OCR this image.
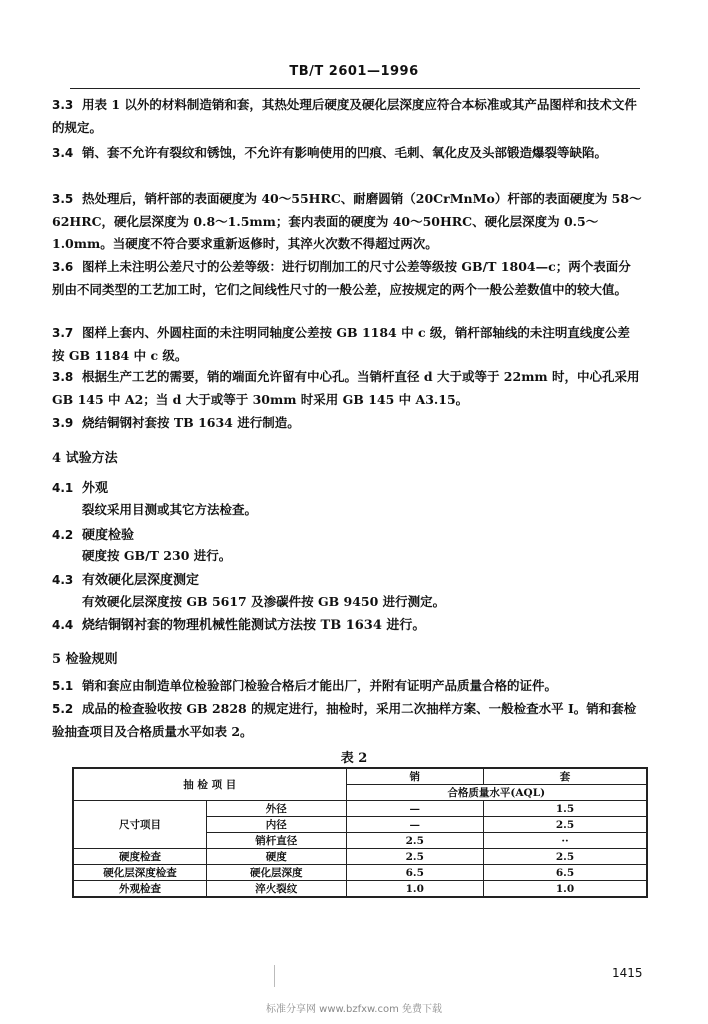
TB/T 2601—1996

3.3 用表 1 以外的材料制造销和套，其热处理后硬度及硬化层深度应符合本标准或其产品图样和技术文件的规定。

3.4 销、套不允许有裂纹和锈蚀，不允许有影响使用的凹痕、毛刺、氧化皮及头部锻造爆裂等缺陷。

3.5 热处理后，销杆部的表面硬度为 40～55HRC、耐磨圆销（20CrMnMo）杆部的表面硬度为 58～62HRC，硬化层深度为 0.8～1.5mm；套内表面的硬度为 40～50HRC、硬化层深度为 0.5～1.0mm。当硬度不符合要求重新返修时，其淬火次数不得超过两次。

3.6 图样上未注明公差尺寸的公差等级：进行切削加工的尺寸公差等级按 GB/T 1804—c；两个表面分别由不同类型的工艺加工时，它们之间线性尺寸的一般公差，应按规定的两个一般公差数值中的较大值。

3.7 图样上套内、外圆柱面的未注明同轴度公差按 GB 1184 中 c 级，销杆部轴线的未注明直线度公差按 GB 1184 中 c 级。

3.8 根据生产工艺的需要，销的端面允许留有中心孔。当销杆直径 d 大于或等于 22mm 时，中心孔采用 GB 145 中 A2；当 d 大于或等于 30mm 时采用 GB 145 中 A3.15。

3.9 烧结铜钢衬套按 TB 1634 进行制造。

4 试验方法
4.1 外观
裂纹采用目测或其它方法检查。
4.2 硬度检验
硬度按 GB/T 230 进行。
4.3 有效硬化层深度测定
有效硬化层深度按 GB 5617 及渗碳件按 GB 9450 进行测定。
4.4 烧结铜钢衬套的物理机械性能测试方法按 TB 1634 进行。
5 检验规则

5.1 销和套应由制造单位检验部门检验合格后才能出厂，并附有证明产品质量合格的证件。

5.2 成品的检查验收按 GB 2828 的规定进行，抽检时，采用二次抽样方案、一般检查水平 I。销和套检验抽查项目及合格质量水平如表 2。

表 2
抽 检 项 目		销	套
		合格质量水平(AQL)	
尺寸项目	外径	—	1.5
	内径	—	2.5
	销杆直径	2.5	··
硬度检查	硬度	2.5	2.5
硬化层深度检查	硬化层深度	6.5	6.5
外观检查	淬火裂纹	1.0	1.0
1415
标准分享网 www.bzfxw.com 免费下载
